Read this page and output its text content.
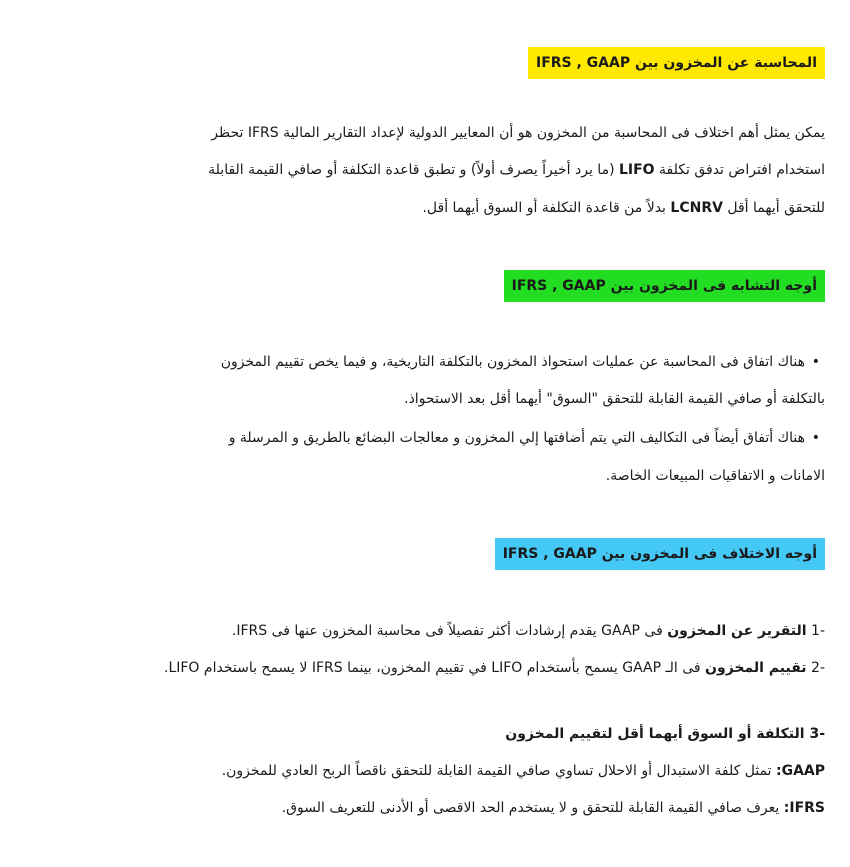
المحاسبة عن المخزون بين IFRS , GAAP
يمكن يمثل أهم اختلاف فى المحاسبة من المخزون هو أن المعايير الدولية لإعداد التقارير المالية IFRS تحظر
استخدام افتراض تدفق تكلفة LIFO (ما يرد أخيراً يصرف أولاً) و تطبق قاعدة التكلفة أو صافي القيمة القابلة
للتحقق أيهما أقل LCNRV بدلاً من قاعدة التكلفة أو السوق أيهما أقل.
أوجه التشابه فى المخزون بين IFRS , GAAP
•
هناك اتفاق فى المحاسبة عن عمليات استحواذ المخزون بالتكلفة التاريخية، و فيما يخص تقييم المخزون
بالتكلفة أو صافي القيمة القابلة للتحقق "السوق" أيهما أقل بعد الاستحواذ.
•
هناك أتفاق أيضاً فى التكاليف التي يتم أضافتها إلي المخزون و معالجات البضائع بالطريق و المرسلة و
الامانات و الاتفاقيات المبيعات الخاصة.
أوجه الاختلاف فى المخزون بين IFRS , GAAP
-1 التقرير عن المخزون فى GAAP يقدم إرشادات أكثر تفصيلاً فى محاسبة المخزون عنها فى IFRS.
-2 تقييم المخزون فى الـ GAAP يسمح بأستخدام LIFO في تقييم المخزون، بينما IFRS لا يسمح باستخدام LIFO.
-3 التكلفة أو السوق أيهما أقل لتقييم المخزون
GAAP: تمثل كلفة الاستبدال أو الاحلال تساوي صافي القيمة القابلة للتحقق ناقصاً الربح العادي للمخزون.
IFRS: يعرف صافي القيمة القابلة للتحقق و لا يستخدم الحد الاقصى أو الأدنى للتعريف السوق.
